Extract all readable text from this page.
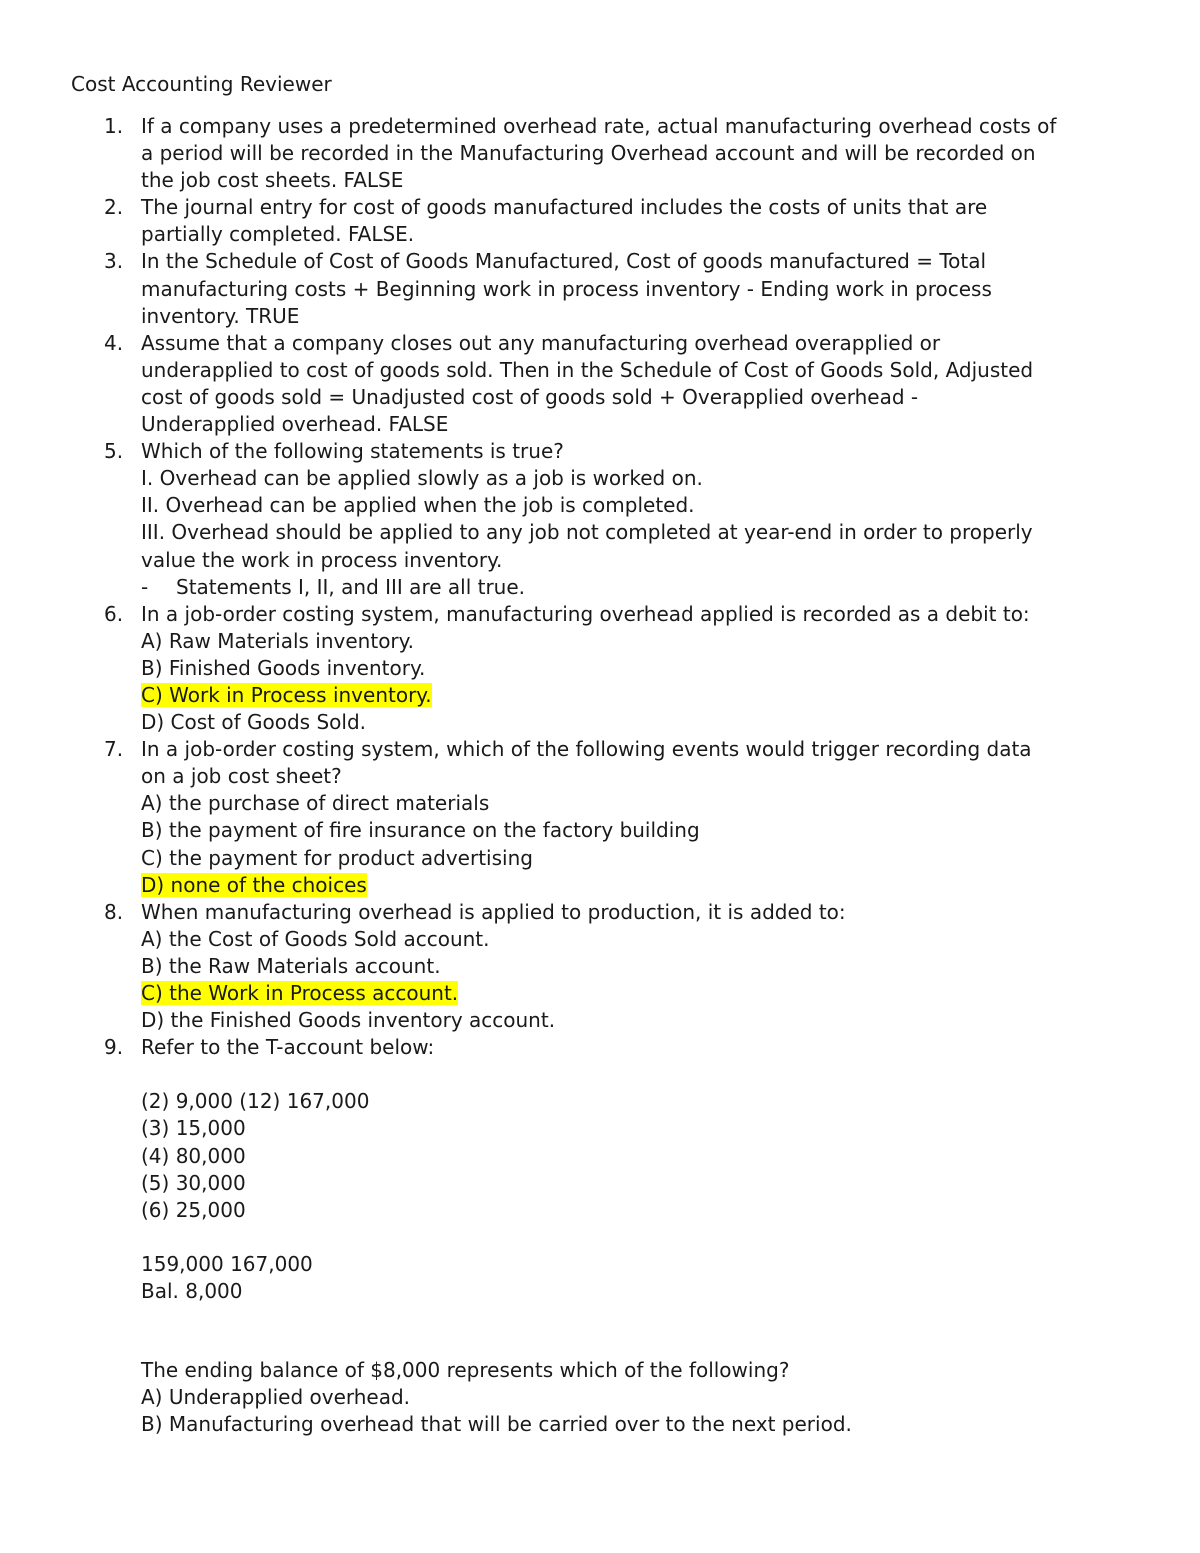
Cost Accounting Reviewer
1. If a company uses a predetermined overhead rate, actual manufacturing overhead costs of
a period will be recorded in the Manufacturing Overhead account and will be recorded on
the job cost sheets. FALSE
2. The journal entry for cost of goods manufactured includes the costs of units that are
partially completed. FALSE.
3. In the Schedule of Cost of Goods Manufactured, Cost of goods manufactured = Total
manufacturing costs + Beginning work in process inventory - Ending work in process
inventory. TRUE
4. Assume that a company closes out any manufacturing overhead overapplied or
underapplied to cost of goods sold. Then in the Schedule of Cost of Goods Sold, Adjusted
cost of goods sold = Unadjusted cost of goods sold + Overapplied overhead -
Underapplied overhead. FALSE
5. Which of the following statements is true?
I. Overhead can be applied slowly as a job is worked on.
II. Overhead can be applied when the job is completed.
III. Overhead should be applied to any job not completed at year-end in order to properly
value the work in process inventory.
- Statements I, II, and III are all true.
6. In a job-order costing system, manufacturing overhead applied is recorded as a debit to:
A) Raw Materials inventory.
B) Finished Goods inventory.
C) Work in Process inventory.
D) Cost of Goods Sold.
7. In a job-order costing system, which of the following events would trigger recording data
on a job cost sheet?
A) the purchase of direct materials
B) the payment of fire insurance on the factory building
C) the payment for product advertising
D) none of the choices
8. When manufacturing overhead is applied to production, it is added to:
A) the Cost of Goods Sold account.
B) the Raw Materials account.
C) the Work in Process account.
D) the Finished Goods inventory account.
9. Refer to the T-account below:
(2) 9,000 (12) 167,000
(3) 15,000
(4) 80,000
(5) 30,000
(6) 25,000
159,000 167,000
Bal. 8,000
The ending balance of $8,000 represents which of the following?
A) Underapplied overhead.
B) Manufacturing overhead that will be carried over to the next period.
